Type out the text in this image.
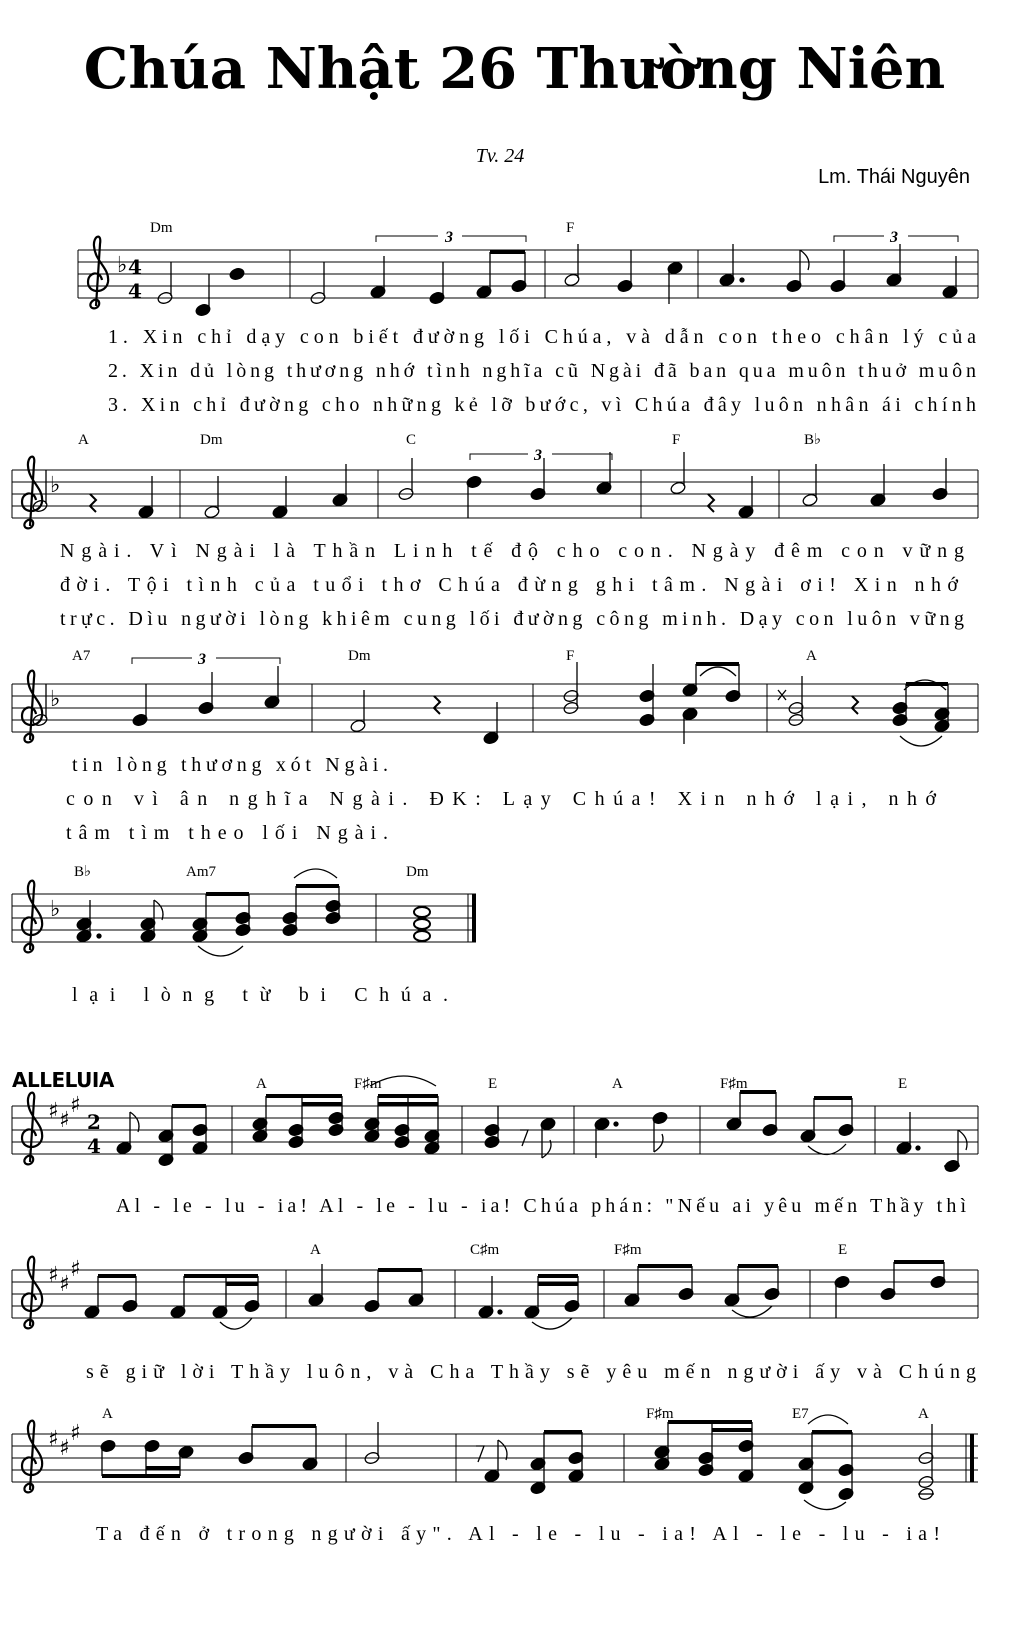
Chúa Nhật 26 Thường Niên
Tv. 24
Lm. Thái Nguyên
ALLELUIA
♭ 4
4
Dm	F
3	3
1. Xin chỉ dạy con biết đường lối Chúa, và dẫn con theo chân lý của
2. Xin dủ lòng thương nhớ tình nghĩa cũ Ngài đã ban qua muôn thuở muôn
3. Xin chỉ đường cho những kẻ lỡ bước, vì Chúa đây luôn nhân ái chính
♭
A	Dm	C	F	B♭
3
Ngài. Vì Ngài là Thần Linh tế độ cho con. Ngày đêm con vững
đời. Tội tình của tuổi thơ Chúa đừng ghi tâm. Ngài ơi! Xin nhớ
trực. Dìu người lòng khiêm cung lối đường công minh. Dạy con luôn vững
♭
A7	Dm	F	A
3
tin lòng thương xót Ngài.
con vì ân nghĩa Ngài. ĐK: Lạy Chúa! Xin nhớ lại, nhớ
tâm tìm theo lối Ngài.
♭
B♭	Am7	Dm
lại lòng từ bi Chúa.
♯ ♯
♯
2
4
A	F♯m	E	A	F♯m	E
Al - le - lu - ia! Al - le - lu - ia! Chúa phán: "Nếu ai yêu mến Thầy thì
♯ ♯
♯
A	C♯m	F♯m	E
sẽ giữ lời Thầy luôn, và Cha Thầy sẽ yêu mến người ấy và Chúng
♯ ♯
♯
A	F♯m	E7	A
Ta đến ở trong người ấy". Al - le - lu - ia! Al - le - lu - ia!
